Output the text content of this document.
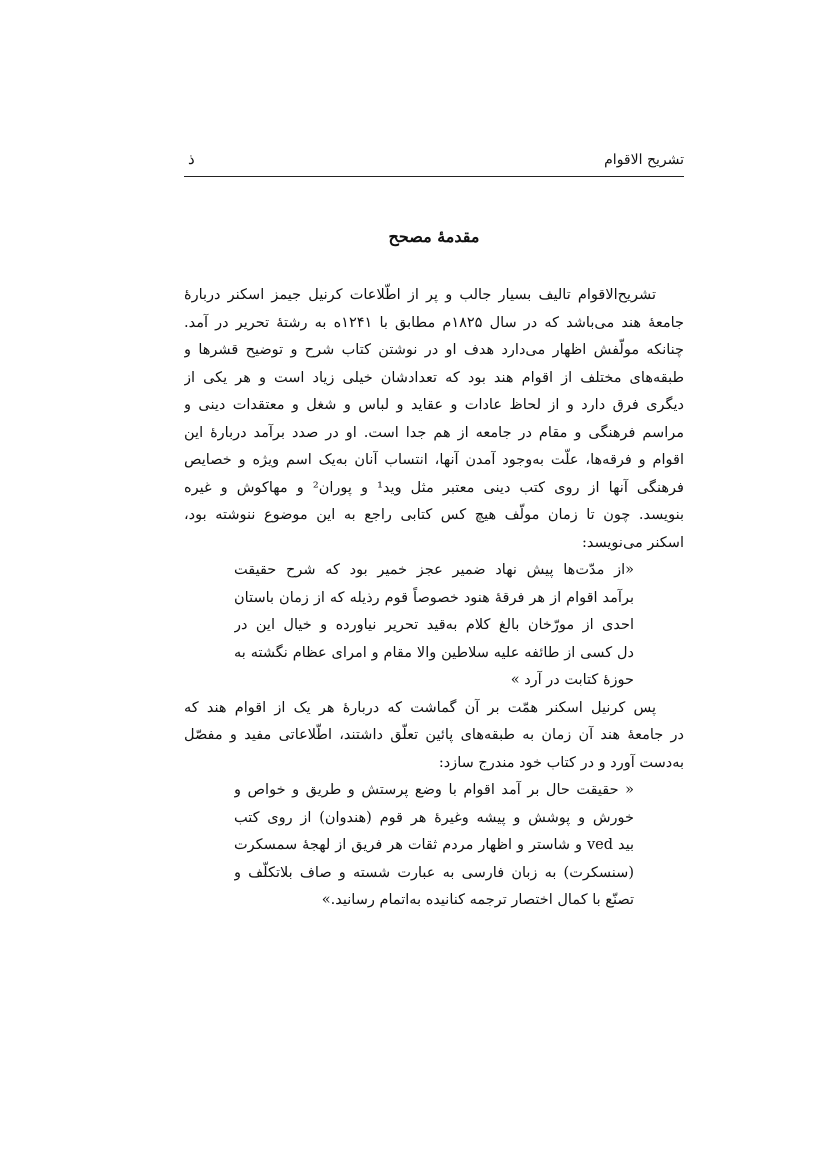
تشریح الاقوام
ذ
مقدمهٔ مصحح
تشریح‌الاقوام تالیف بسیار جالب و پر از اطّلاعات کرنیل جیمز اسکنر دربارهٔ
جامعهٔ هند می‌باشد که در سال ۱۸۲۵م مطابق با ۱۲۴۱ه به رشتهٔ تحریر در آمد.
چنانکه مولّفش اظهار می‌دارد هدف او در نوشتن کتاب شرح و توضیح قشرها و
طبقه‌های مختلف از اقوام هند بود که تعدادشان خیلی زیاد است و هر یکی از
دیگری فرق دارد و از لحاظ عادات و عقاید و لباس و شغل و معتقدات دینی و
مراسم فرهنگی و مقام در جامعه از هم جدا است. او در صدد برآمد دربارهٔ این
اقوام و فرقه‌ها، علّت به‌وجود آمدن آنها، انتساب آنان به‌یک اسم ویژه و خصایص
فرهنگی آنها از روی کتب دینی معتبر مثل وید¹ و پوران² و مهاکوش و غیره
بنویسد. چون تا زمان مولّف هیچ کس کتابی راجع به این موضوع ننوشته بود،
اسکنر می‌نویسد:
«از مدّت‌ها پیش نهاد ضمیر عجز خمیر بود که شرح حقیقت
برآمد اقوام از هر فرقهٔ هنود خصوصاً قوم رذیله که از زمان باستان
احدی از مورّخان بالغ کلام به‌قید تحریر نیاورده و خیال این در
دل کسی از طائفه علیه سلاطین والا مقام و امرای عظام نگشته به
حوزهٔ کتابت در آرد »
پس کرنیل اسکنر همّت بر آن گماشت که دربارهٔ هر یک از اقوام هند که
در جامعهٔ هند آن زمان به طبقه‌های پائین تعلّق داشتند، اطّلاعاتی مفید و مفصّل
به‌دست آورد و در کتاب خود مندرج سازد:
« حقیقت حال بر آمد اقوام با وضع پرستش و طریق و خواص و
خورش و پوشش و پیشه وغیرهٔ هر قوم (هندوان) از روی کتب
بید ved و شاستر و اظهار مردم ثقات هر فریق از لهجهٔ سمسکرت
(سنسکرت) به زبان فارسی به عبارت شسته و صاف بلاتکلّف و
تصنّع با کمال اختصار ترجمه کنانیده به‌اتمام رسانید.»
